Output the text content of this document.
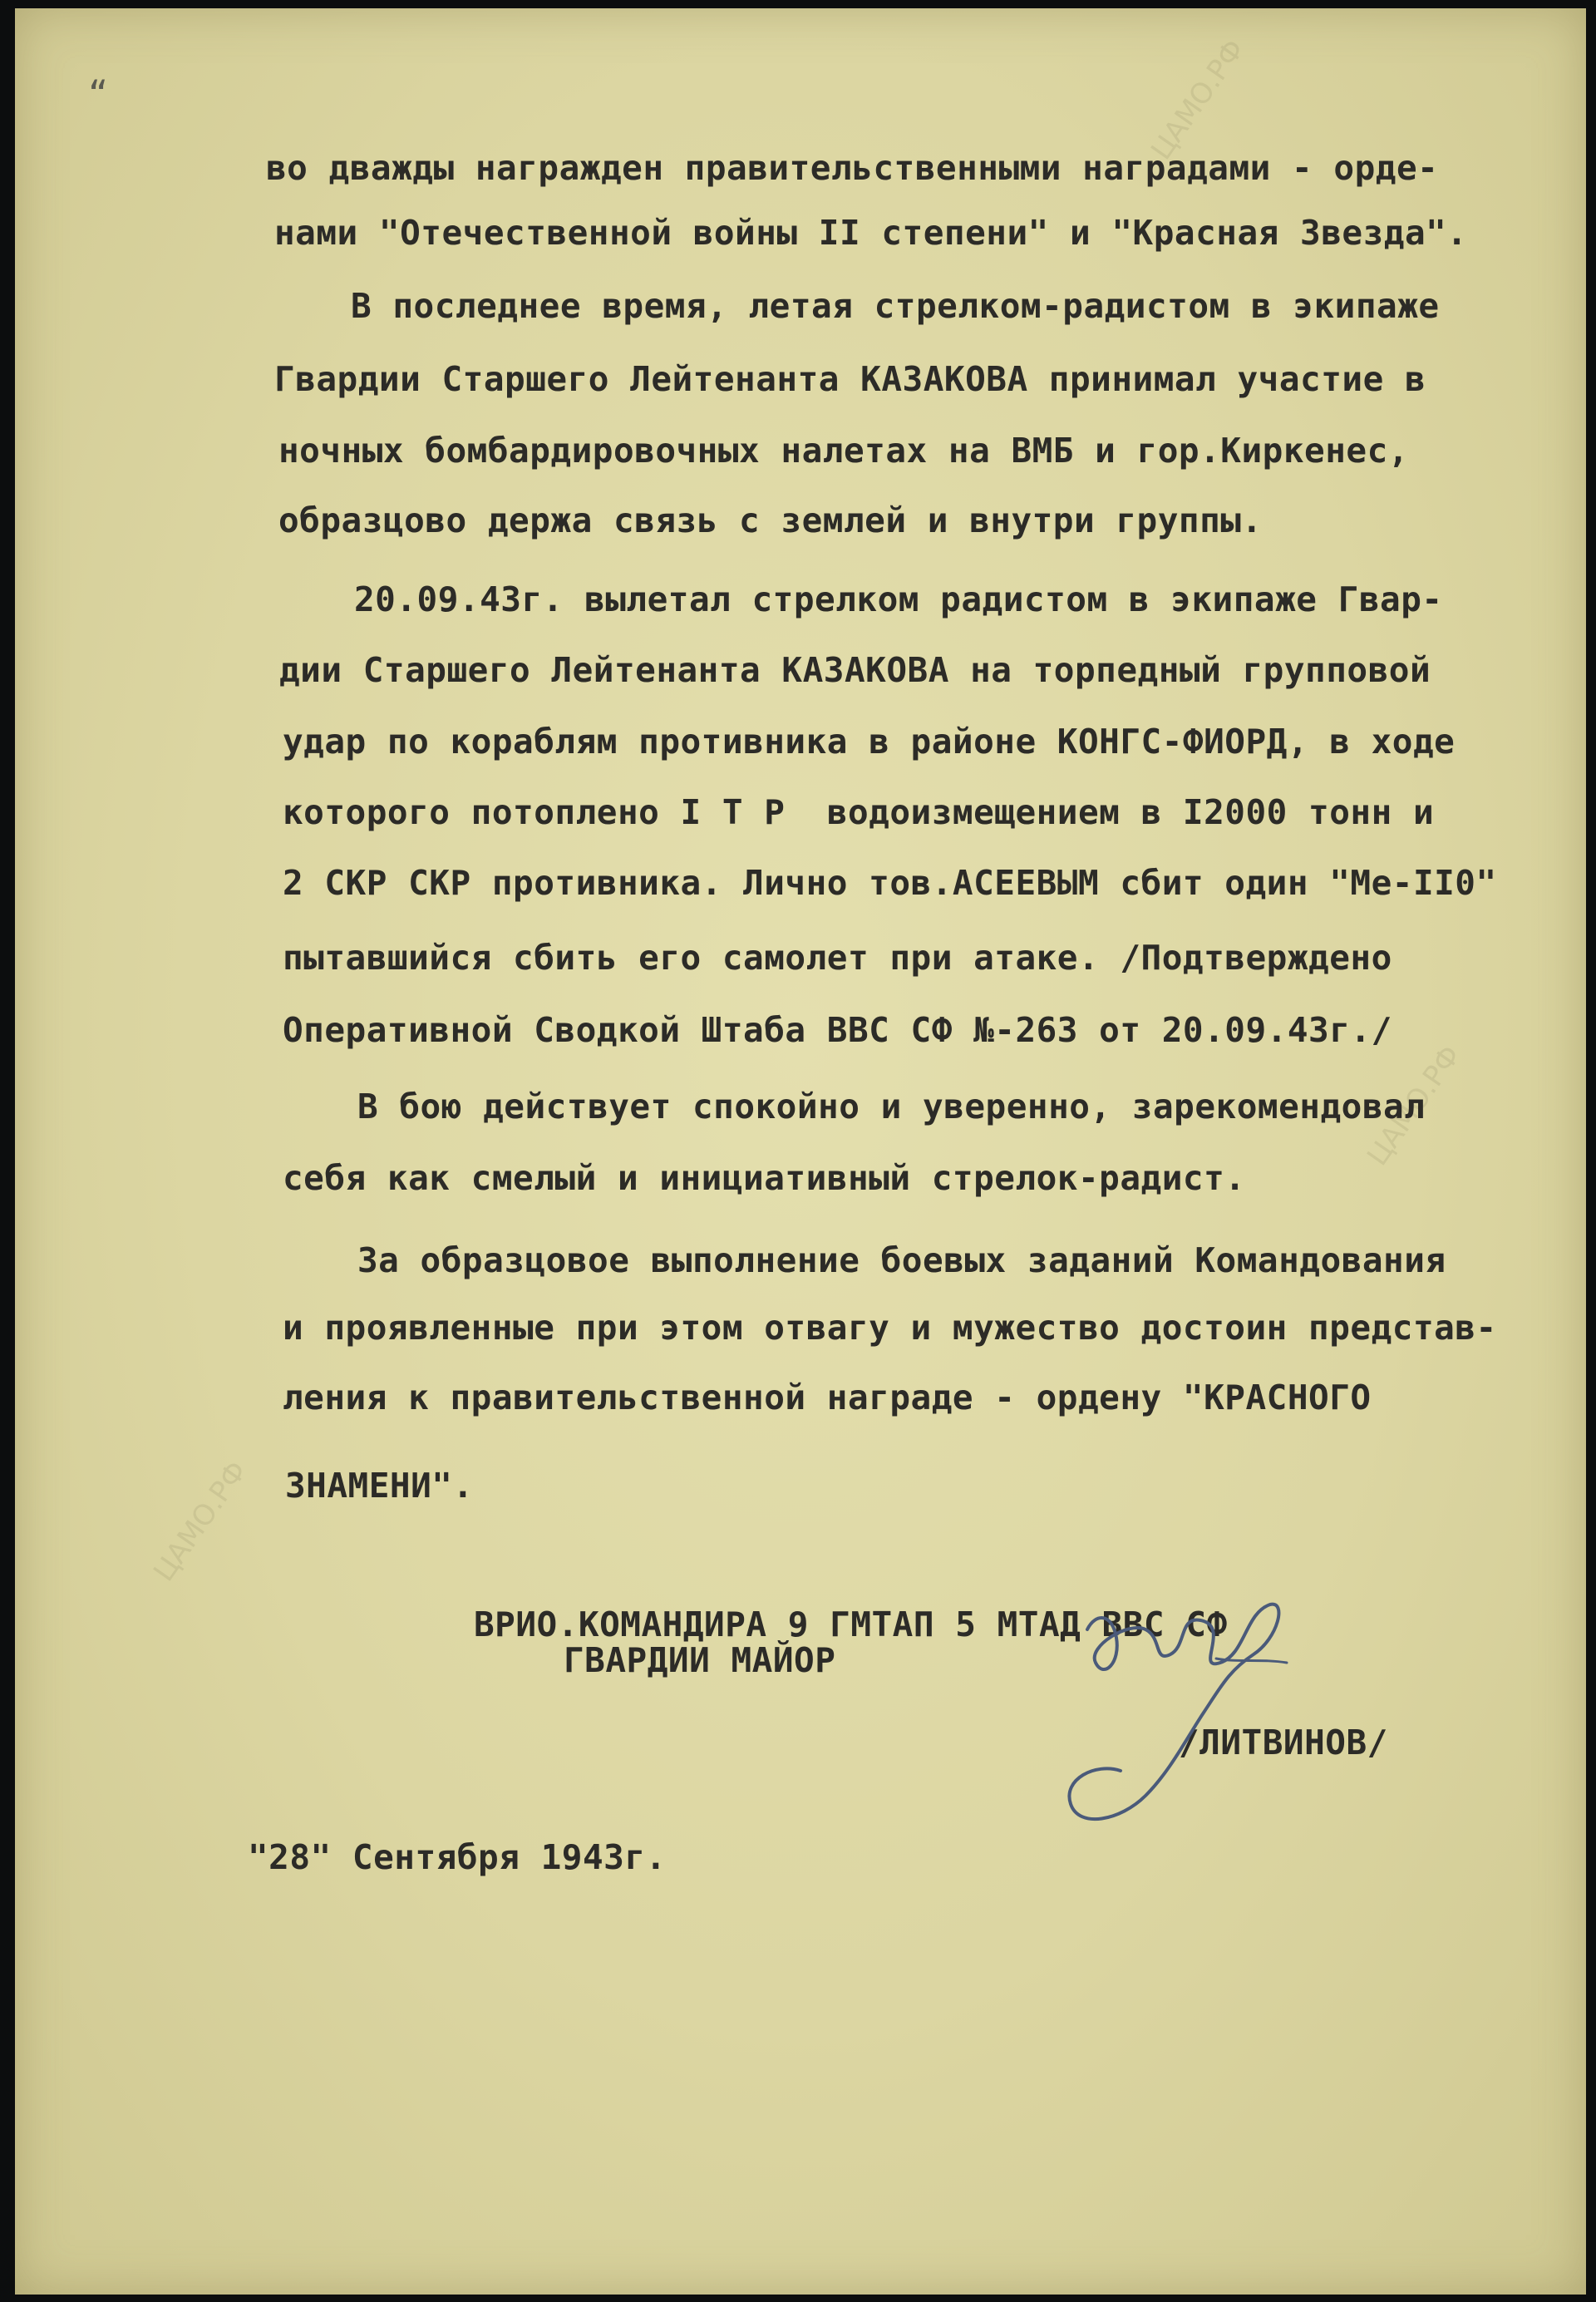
ЦАМО.РФ
ЦАМО.РФ
ЦАМО.РФ
“

во дважды награжден правительственными наградами - орде-

нами "Отечественной войны II степени" и "Красная Звезда".

В последнее время, летая стрелком-радистом в экипаже

Гвардии Старшего Лейтенанта КАЗАКОВА принимал участие в

ночных бомбардировочных налетах на ВМБ и гор.Киркенес,

образцово держа связь с землей и внутри группы.

20.09.43г. вылетал стрелком радистом в экипаже Гвар-

дии Старшего Лейтенанта КАЗАКОВА на торпедный групповой

удар по кораблям противника в районе КОНГС-ФИОРД, в ходе

которого потоплено I Т Р  водоизмещением в I2000 тонн и

2 СКР СКР противника. Лично тов.АСЕЕВЫМ сбит один "Ме-II0"

пытавшийся сбить его самолет при атаке. /Подтверждено

Оперативной Сводкой Штаба ВВС СФ №-263 от 20.09.43г./

В бою действует спокойно и уверенно, зарекомендовал

себя как смелый и инициативный стрелок-радист.

За образцовое выполнение боевых заданий Командования

и проявленные при этом отвагу и мужество достоин представ-

ления к правительственной награде - ордену "КРАСНОГО

ЗНАМЕНИ".

ВРИО.КОМАНДИРА 9 ГМТАП 5 МТАД ВВС СФ

ГВАРДИИ МАЙОР

/ЛИТВИНОВ/

"28" Сентября 1943г.
